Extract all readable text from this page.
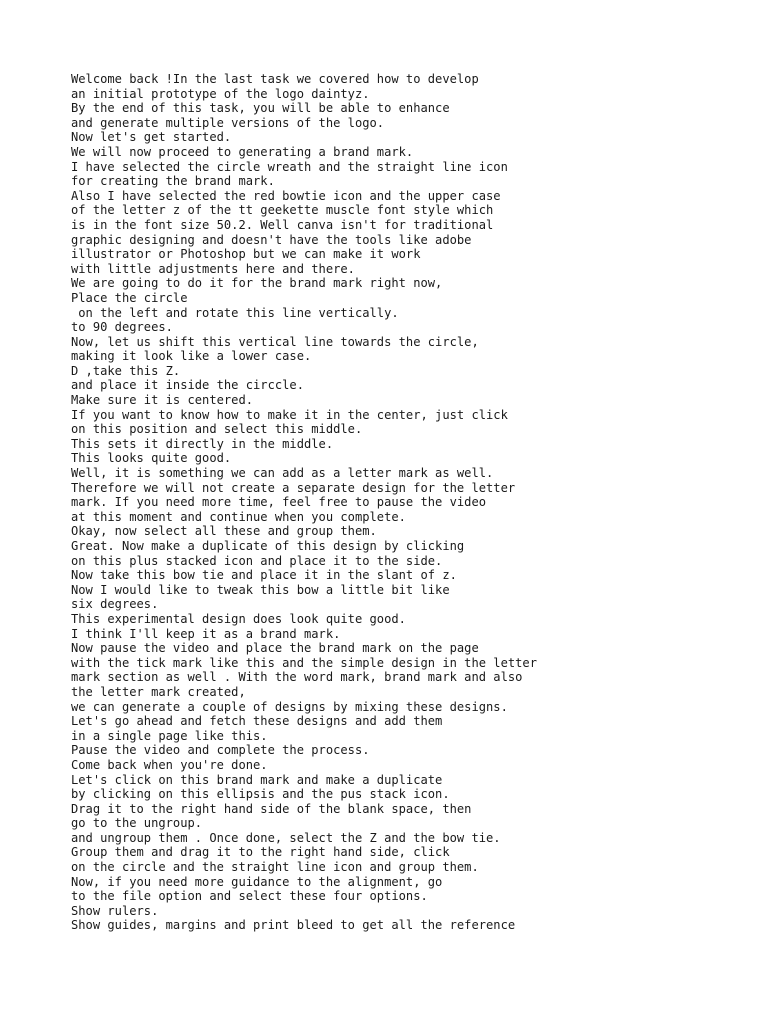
Welcome back !In the last task we covered how to develop
an initial prototype of the logo daintyz.
By the end of this task, you will be able to enhance
and generate multiple versions of the logo.
Now let's get started.
We will now proceed to generating a brand mark.
I have selected the circle wreath and the straight line icon
for creating the brand mark.
Also I have selected the red bowtie icon and the upper case
of the letter z of the tt geekette muscle font style which
is in the font size 50.2. Well canva isn't for traditional
graphic designing and doesn't have the tools like adobe
illustrator or Photoshop but we can make it work
with little adjustments here and there.
We are going to do it for the brand mark right now,
Place the circle
on the left and rotate this line vertically.
to 90 degrees.
Now, let us shift this vertical line towards the circle,
making it look like a lower case.
D ,take this Z.
and place it inside the circcle.
Make sure it is centered.
If you want to know how to make it in the center, just click
on this position and select this middle.
This sets it directly in the middle.
This looks quite good.
Well, it is something we can add as a letter mark as well.
Therefore we will not create a separate design for the letter
mark. If you need more time, feel free to pause the video
at this moment and continue when you complete.
Okay, now select all these and group them.
Great. Now make a duplicate of this design by clicking
on this plus stacked icon and place it to the side.
Now take this bow tie and place it in the slant of z.
Now I would like to tweak this bow a little bit like
six degrees.
This experimental design does look quite good.
I think I'll keep it as a brand mark.
Now pause the video and place the brand mark on the page
with the tick mark like this and the simple design in the letter
mark section as well . With the word mark, brand mark and also
the letter mark created,
we can generate a couple of designs by mixing these designs.
Let's go ahead and fetch these designs and add them
in a single page like this.
Pause the video and complete the process.
Come back when you're done.
Let's click on this brand mark and make a duplicate
by clicking on this ellipsis and the pus stack icon.
Drag it to the right hand side of the blank space, then
go to the ungroup.
and ungroup them . Once done, select the Z and the bow tie.
Group them and drag it to the right hand side, click
on the circle and the straight line icon and group them.
Now, if you need more guidance to the alignment, go
to the file option and select these four options.
Show rulers.
Show guides, margins and print bleed to get all the reference
